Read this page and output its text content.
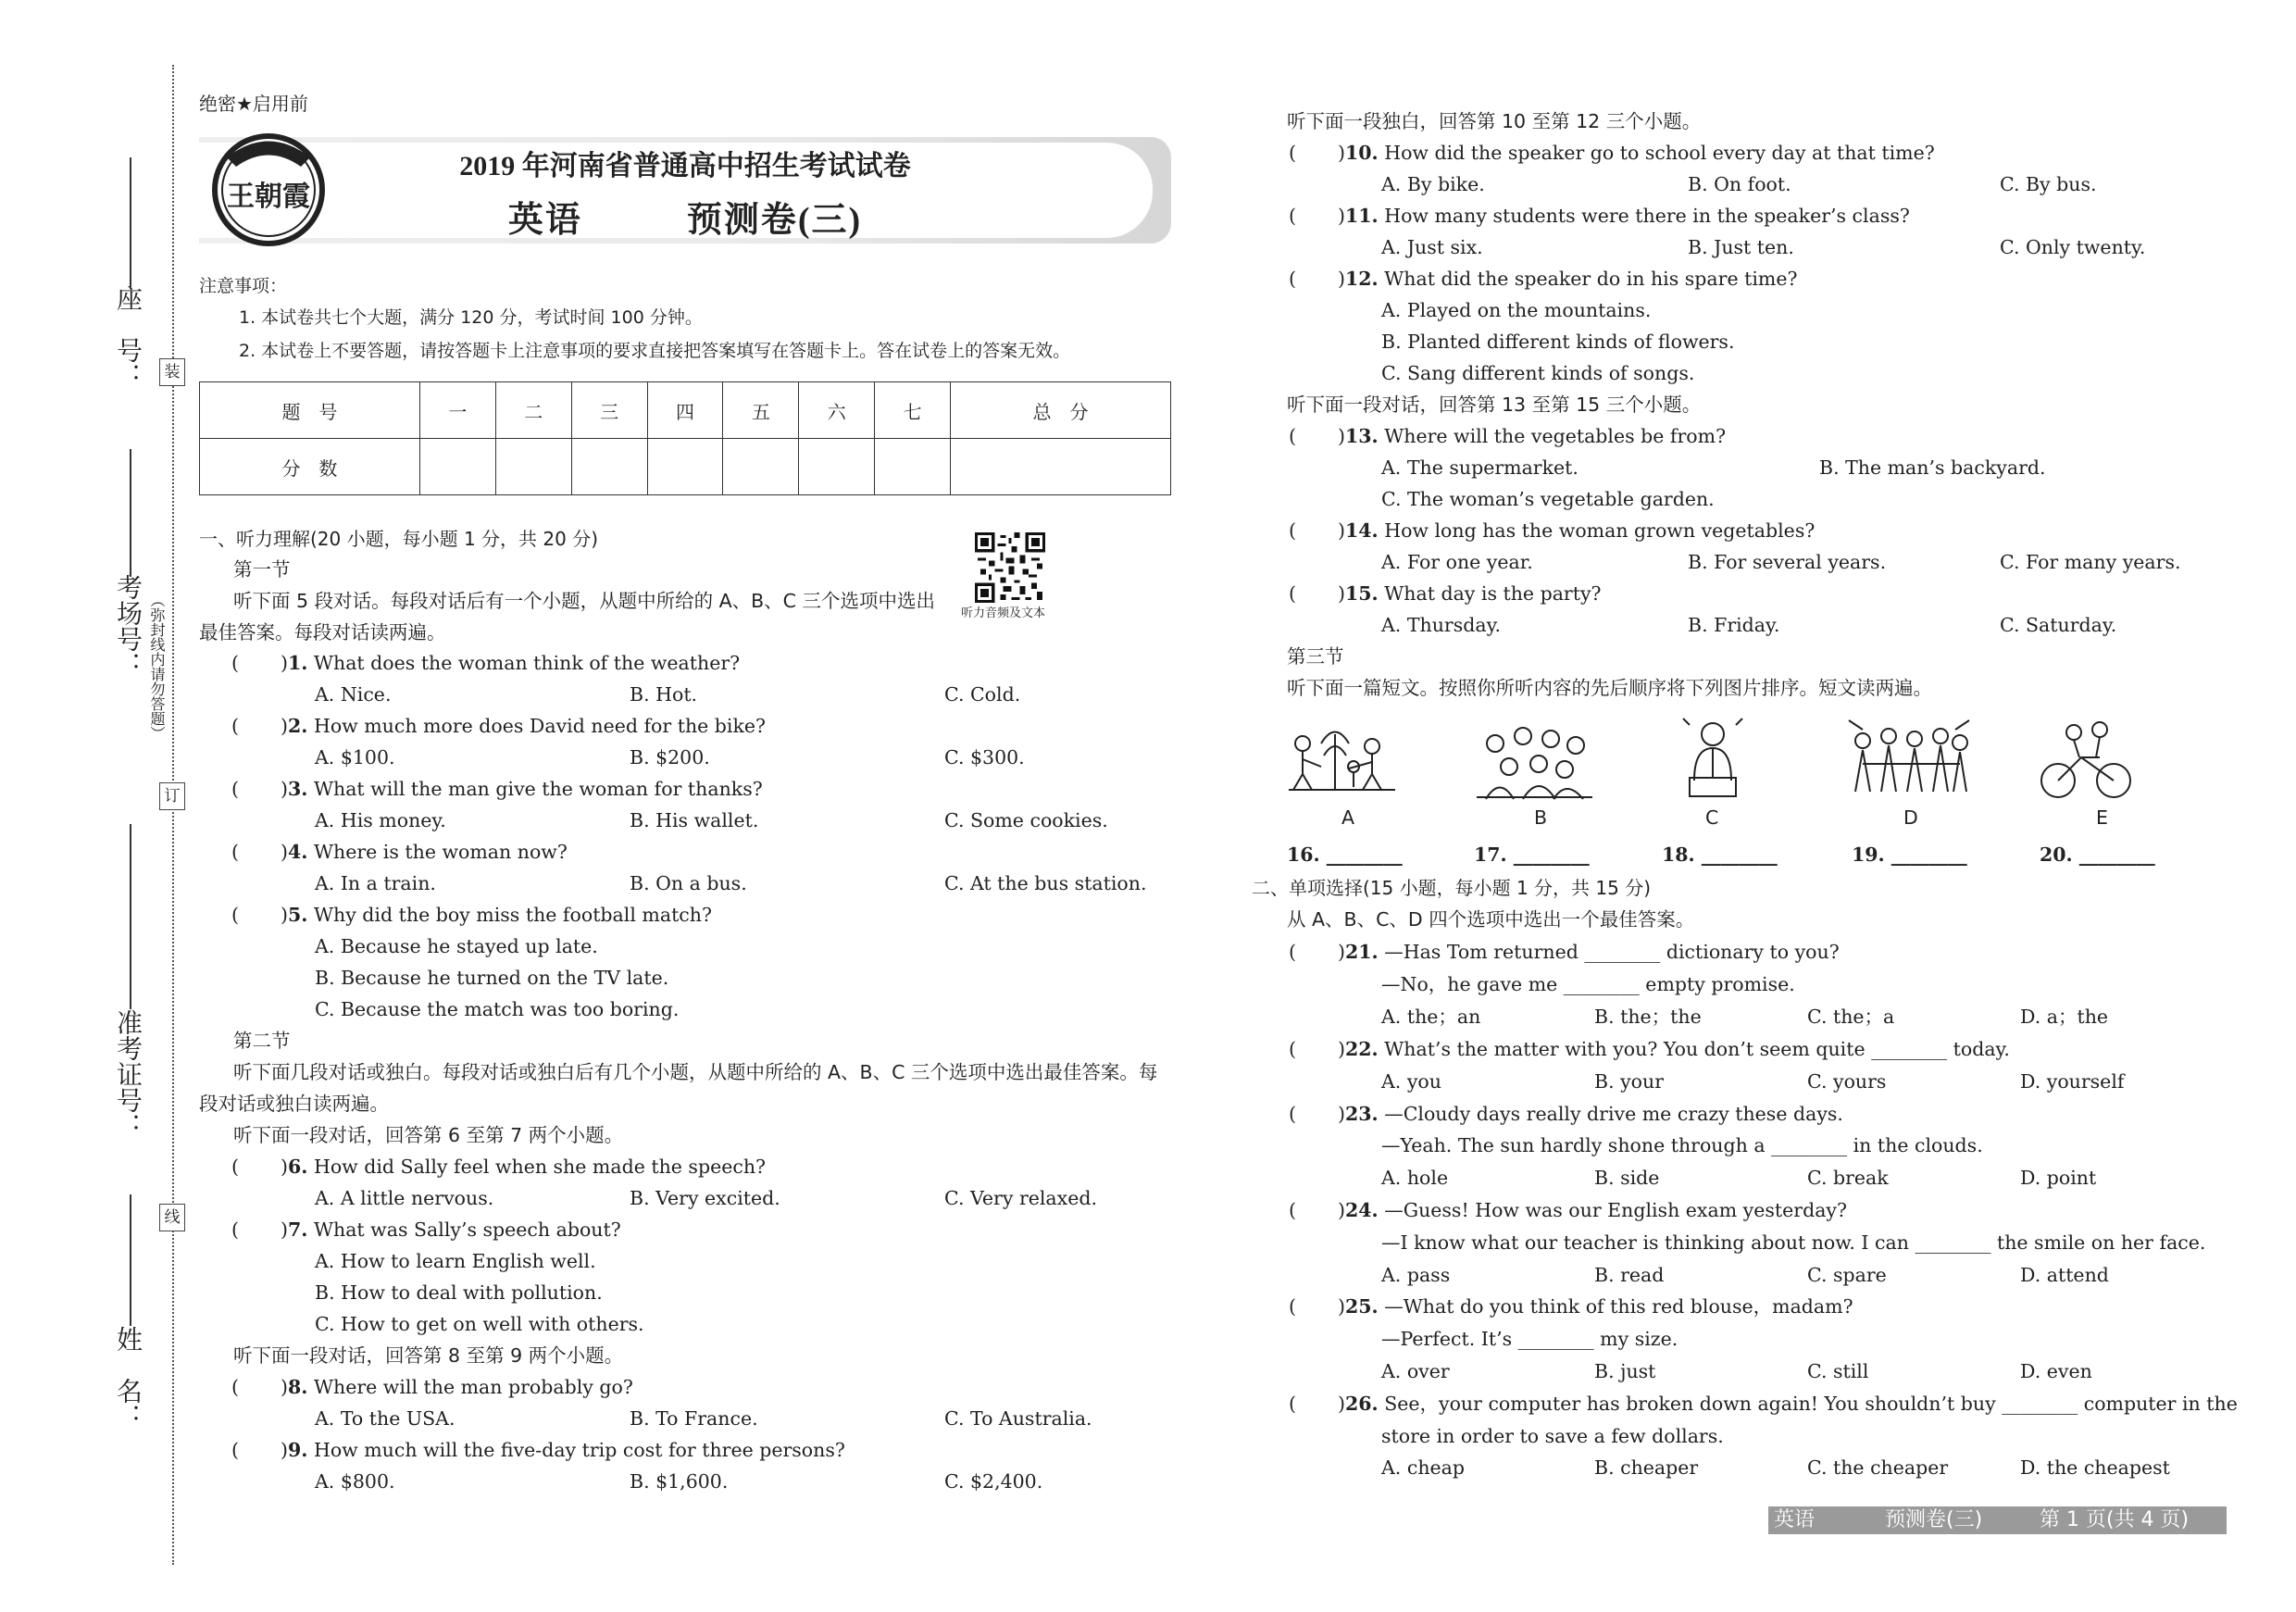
座　号：
考场号：
准考证号：
姓　名：
装
订
线
（弥封线内请勿答题）
绝密★启用前
王朝霞
2019 年河南省普通高中招生考试试卷
英语	预测卷(三)
注意事项：
1. 本试卷共七个大题，满分 120 分，考试时间 100 分钟。
2. 本试卷上不要答题，请按答题卡上注意事项的要求直接把答案填写在答题卡上。答在试卷上的答案无效。
题　号	一	二	三	四	五	六	七	总　分
分　数								
听力音频及文本
一、听力理解(20 小题，每小题 1 分，共 20 分)
第一节
听下面 5 段对话。每段对话后有一个小题，从题中所给的 A、B、C 三个选项中选出
最佳答案。每段对话读两遍。
( )1. What does the woman think of the weather?
A. Nice.	B. Hot.	C. Cold.
( )2. How much more does David need for the bike?
A. $100.	B. $200.	C. $300.
( )3. What will the man give the woman for thanks?
A. His money.	B. His wallet.	C. Some cookies.
( )4. Where is the woman now?
A. In a train.	B. On a bus.	C. At the bus station.
( )5. Why did the boy miss the football match?
A. Because he stayed up late.
B. Because he turned on the TV late.
C. Because the match was too boring.
第二节
听下面几段对话或独白。每段对话或独白后有几个小题，从题中所给的 A、B、C 三个选项中选出最佳答案。每
段对话或独白读两遍。
听下面一段对话，回答第 6 至第 7 两个小题。
( )6. How did Sally feel when she made the speech?
A. A little nervous.	B. Very excited.	C. Very relaxed.
( )7. What was Sally’s speech about?
A. How to learn English well.
B. How to deal with pollution.
C. How to get on well with others.
听下面一段对话，回答第 8 至第 9 两个小题。
( )8. Where will the man probably go?
A. To the USA.	B. To France.	C. To Australia.
( )9. How much will the five-day trip cost for three persons?
A. $800.	B. $1,600.	C. $2,400.
听下面一段独白，回答第 10 至第 12 三个小题。
( )10. How did the speaker go to school every day at that time?
A. By bike.	B. On foot.	C. By bus.
( )11. How many students were there in the speaker’s class?
A. Just six.	B. Just ten.	C. Only twenty.
( )12. What did the speaker do in his spare time?
A. Played on the mountains.
B. Planted different kinds of flowers.
C. Sang different kinds of songs.
听下面一段对话，回答第 13 至第 15 三个小题。
( )13. Where will the vegetables be from?
A. The supermarket.	B. The man’s backyard.
C. The woman’s vegetable garden.
( )14. How long has the woman grown vegetables?
A. For one year.	B. For several years.	C. For many years.
( )15. What day is the party?
A. Thursday.	B. Friday.	C. Saturday.
第三节
听下面一篇短文。按照你所听内容的先后顺序将下列图片排序。短文读两遍。
A	B	C	D	E
16. ________	17. ________	18. ________	19. ________	20. ________
二、单项选择(15 小题，每小题 1 分，共 15 分)
从 A、B、C、D 四个选项中选出一个最佳答案。
( )21. —Has Tom returned ________ dictionary to you?
—No，he gave me ________ empty promise.
A. the；an	B. the；the	C. the；a	D. a；the
( )22. What’s the matter with you? You don’t seem quite ________ today.
A. you	B. your	C. yours	D. yourself
( )23. —Cloudy days really drive me crazy these days.
—Yeah. The sun hardly shone through a ________ in the clouds.
A. hole	B. side	C. break	D. point
( )24. —Guess! How was our English exam yesterday?
—I know what our teacher is thinking about now. I can ________ the smile on her face.
A. pass	B. read	C. spare	D. attend
( )25. —What do you think of this red blouse，madam?
—Perfect. It’s ________ my size.
A. over	B. just	C. still	D. even
( )26. See，your computer has broken down again! You shouldn’t buy ________ computer in the
store in order to save a few dollars.
A. cheap	B. cheaper	C. the cheaper	D. the cheapest
英语	预测卷(三)	第 1 页(共 4 页)
